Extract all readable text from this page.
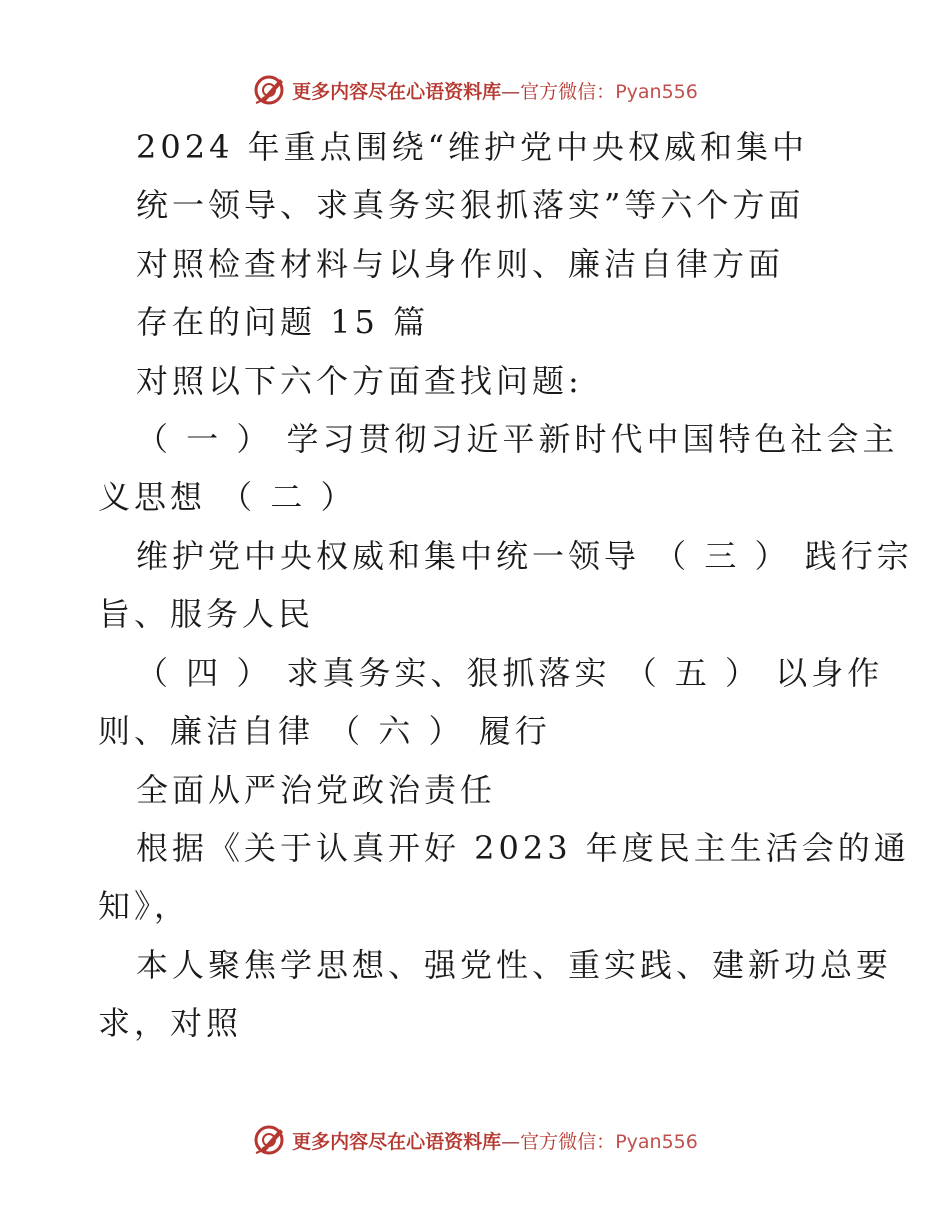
更多内容尽在心语资料库—官方微信：Pyan556
2024 年重点围绕“维护党中央权威和集中
统一领导、求真务实狠抓落实”等六个方面
对照检查材料与以身作则、廉洁自律方面
存在的问题 15 篇
对照以下六个方面查找问题:
（ 一 ） 学习贯彻习近平新时代中国特色社会主
义思想 （ 二 ）
维护党中央权威和集中统一领导 （ 三 ） 践行宗
旨、服务人民
（ 四 ） 求真务实、狠抓落实 （ 五 ） 以身作
则、廉洁自律 （ 六 ） 履行
全面从严治党政治责任
根据《关于认真开好 2023 年度民主生活会的通
知》，
本人聚焦学思想、强党性、重实践、建新功总要
求，对照
更多内容尽在心语资料库—官方微信：Pyan556
